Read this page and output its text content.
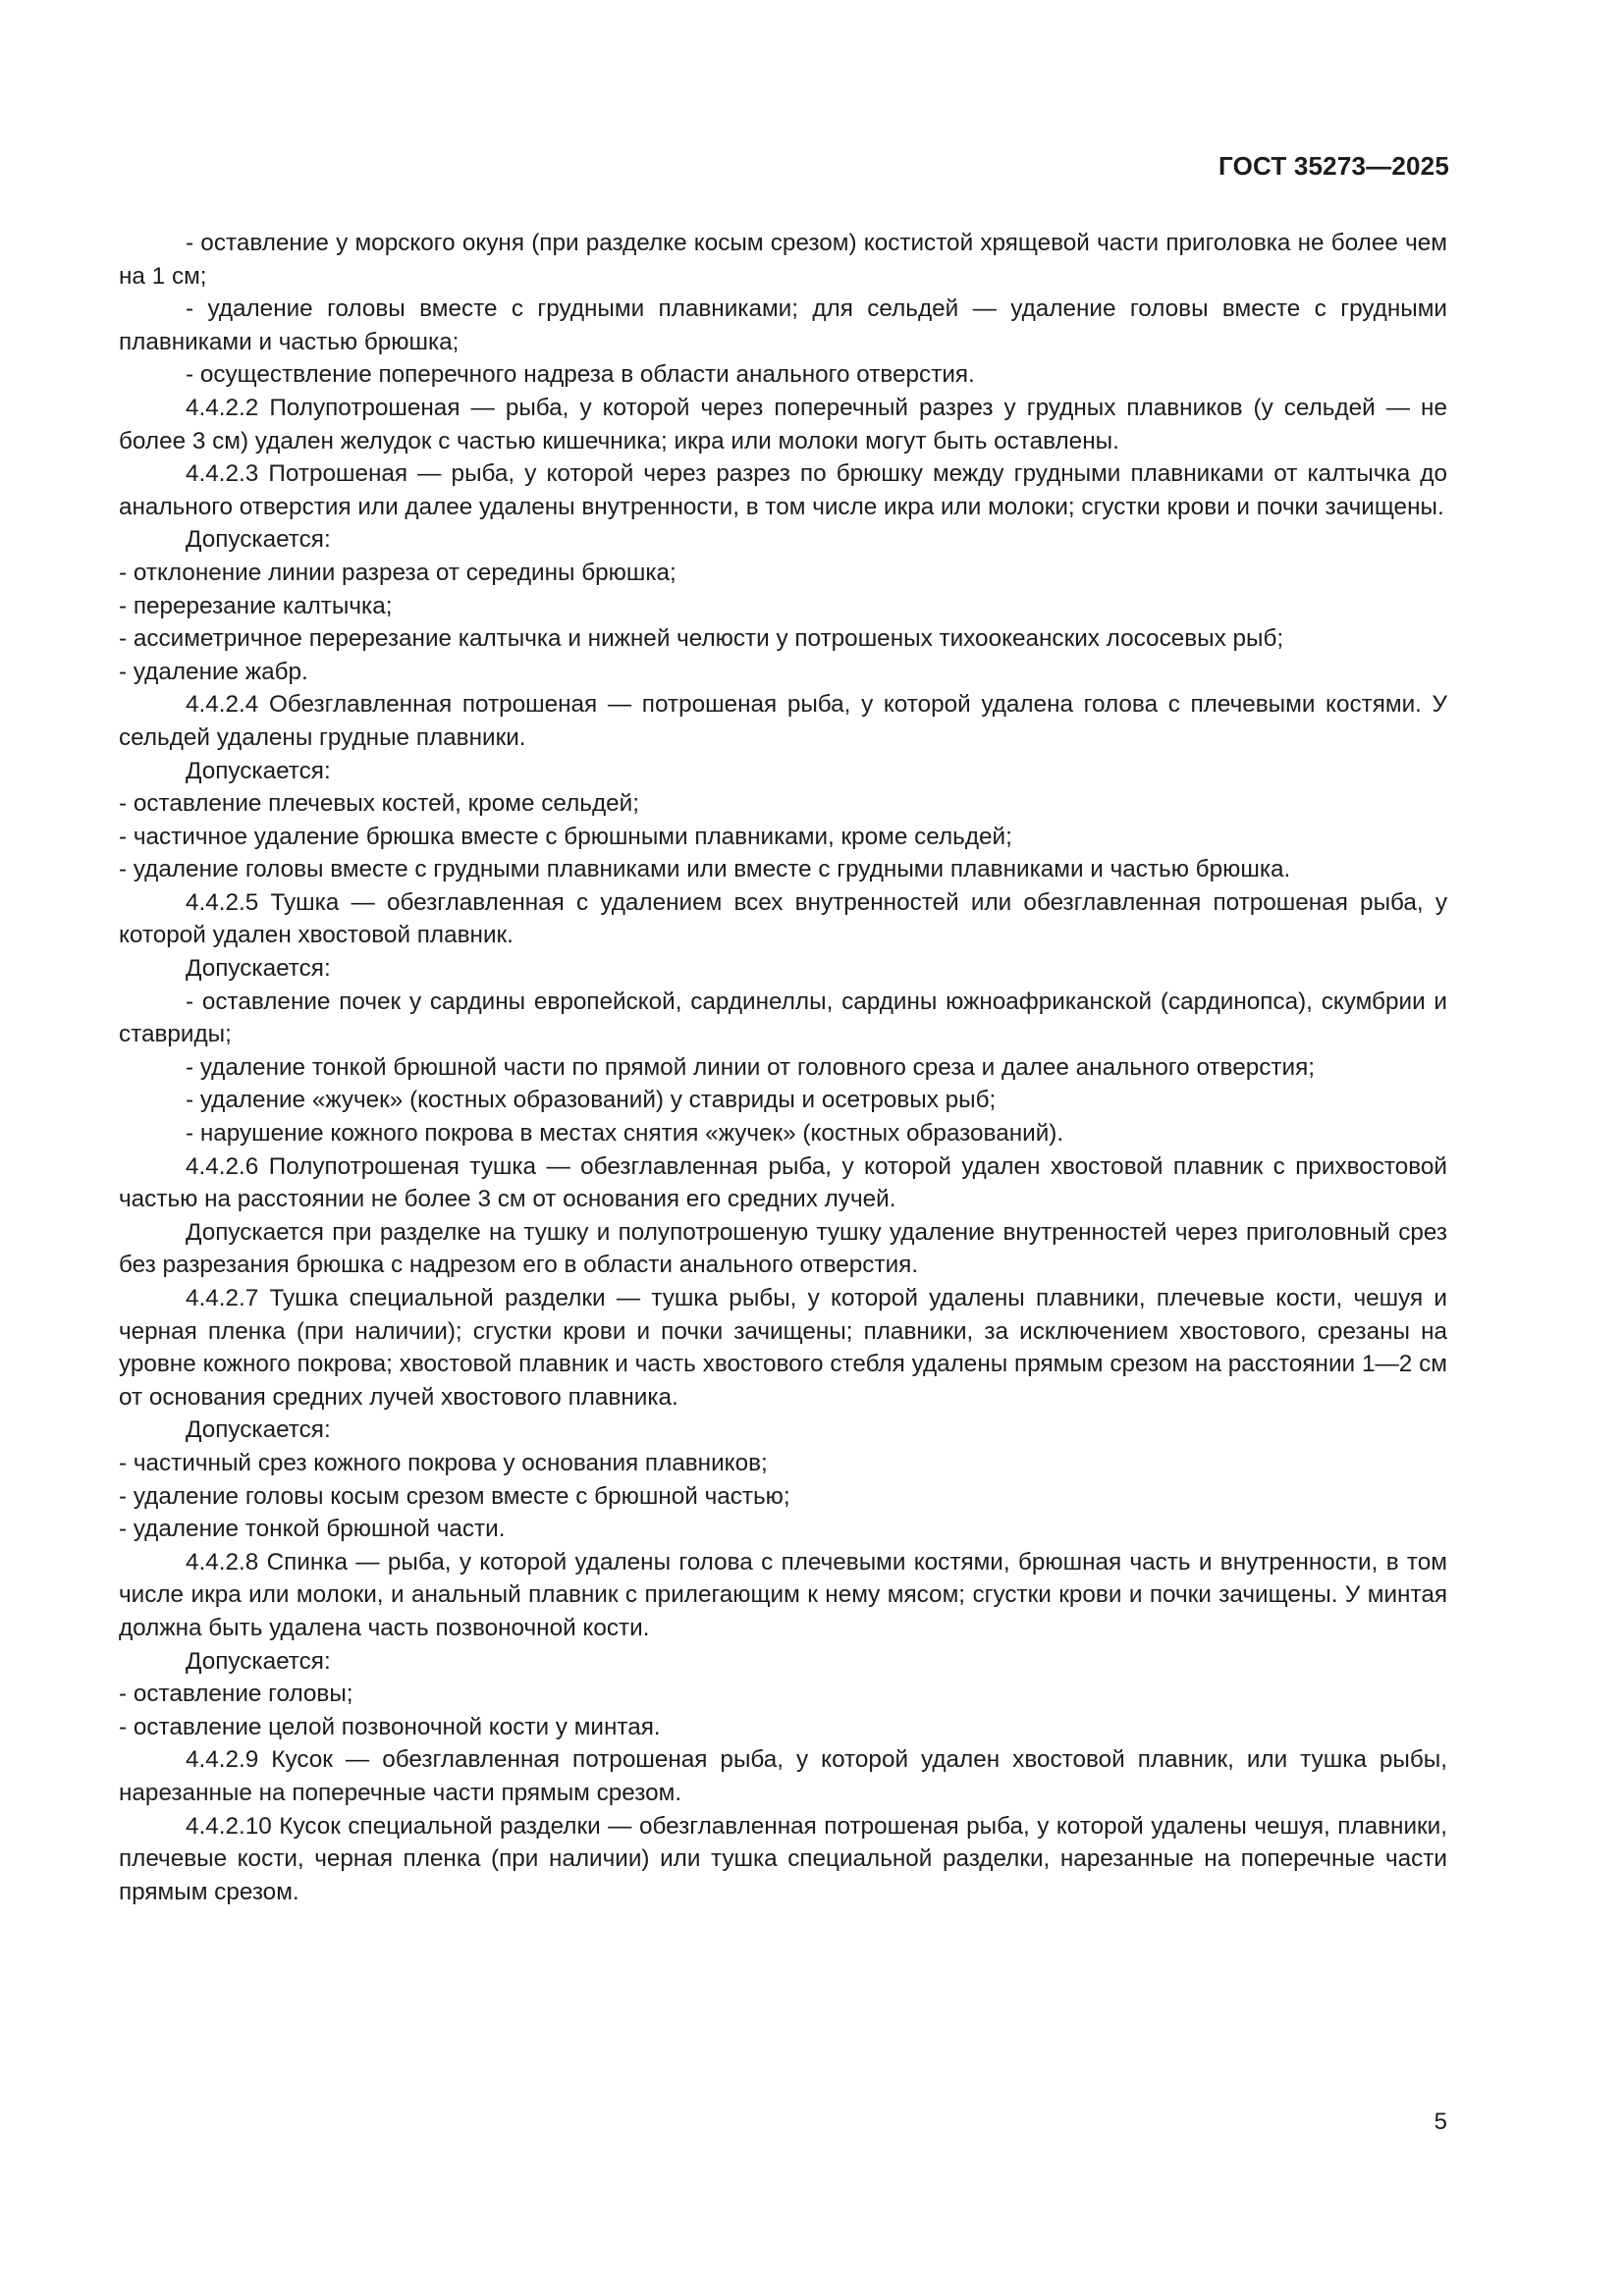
ГОСТ 35273—2025

- оставление у морского окуня (при разделке косым срезом) костистой хрящевой части приголовка не более чем на 1 см;

- удаление головы вместе с грудными плавниками; для сельдей — удаление головы вместе с грудными плавниками и частью брюшка;

- осуществление поперечного надреза в области анального отверстия.

4.4.2.2 Полупотрошеная — рыба, у которой через поперечный разрез у грудных плавников (у сельдей — не более 3 см) удален желудок с частью кишечника; икра или молоки могут быть оставлены.

4.4.2.3 Потрошеная — рыба, у которой через разрез по брюшку между грудными плавниками от калтычка до анального отверстия или далее удалены внутренности, в том числе икра или молоки; сгустки крови и почки зачищены.

Допускается:

- отклонение линии разреза от середины брюшка;

- перерезание калтычка;

- ассиметричное перерезание калтычка и нижней челюсти у потрошеных тихоокеанских лососевых рыб;

- удаление жабр.

4.4.2.4 Обезглавленная потрошеная — потрошеная рыба, у которой удалена голова с плечевыми костями. У сельдей удалены грудные плавники.

Допускается:

- оставление плечевых костей, кроме сельдей;

- частичное удаление брюшка вместе с брюшными плавниками, кроме сельдей;

- удаление головы вместе с грудными плавниками или вместе с грудными плавниками и частью брюшка.

4.4.2.5 Тушка — обезглавленная с удалением всех внутренностей или обезглавленная потрошеная рыба, у которой удален хвостовой плавник.

Допускается:

- оставление почек у сардины европейской, сардинеллы, сардины южноафриканской (сардинопса), скумбрии и ставриды;

- удаление тонкой брюшной части по прямой линии от головного среза и далее анального отверстия;

- удаление «жучек» (костных образований) у ставриды и осетровых рыб;

- нарушение кожного покрова в местах снятия «жучек» (костных образований).

4.4.2.6 Полупотрошеная тушка — обезглавленная рыба, у которой удален хвостовой плавник с прихвостовой частью на расстоянии не более 3 см от основания его средних лучей.

Допускается при разделке на тушку и полупотрошеную тушку удаление внутренностей через приголовный срез без разрезания брюшка с надрезом его в области анального отверстия.

4.4.2.7 Тушка специальной разделки — тушка рыбы, у которой удалены плавники, плечевые кости, чешуя и черная пленка (при наличии); сгустки крови и почки зачищены; плавники, за исключением хвостового, срезаны на уровне кожного покрова; хвостовой плавник и часть хвостового стебля удалены прямым срезом на расстоянии 1—2 см от основания средних лучей хвостового плавника.

Допускается:

- частичный срез кожного покрова у основания плавников;

- удаление головы косым срезом вместе с брюшной частью;

- удаление тонкой брюшной части.

4.4.2.8 Спинка — рыба, у которой удалены голова с плечевыми костями, брюшная часть и внутренности, в том числе икра или молоки, и анальный плавник с прилегающим к нему мясом; сгустки крови и почки зачищены. У минтая должна быть удалена часть позвоночной кости.

Допускается:

- оставление головы;

- оставление целой позвоночной кости у минтая.

4.4.2.9 Кусок — обезглавленная потрошеная рыба, у которой удален хвостовой плавник, или тушка рыбы, нарезанные на поперечные части прямым срезом.

4.4.2.10 Кусок специальной разделки — обезглавленная потрошеная рыба, у которой удалены чешуя, плавники, плечевые кости, черная пленка (при наличии) или тушка специальной разделки, нарезанные на поперечные части прямым срезом.

5
